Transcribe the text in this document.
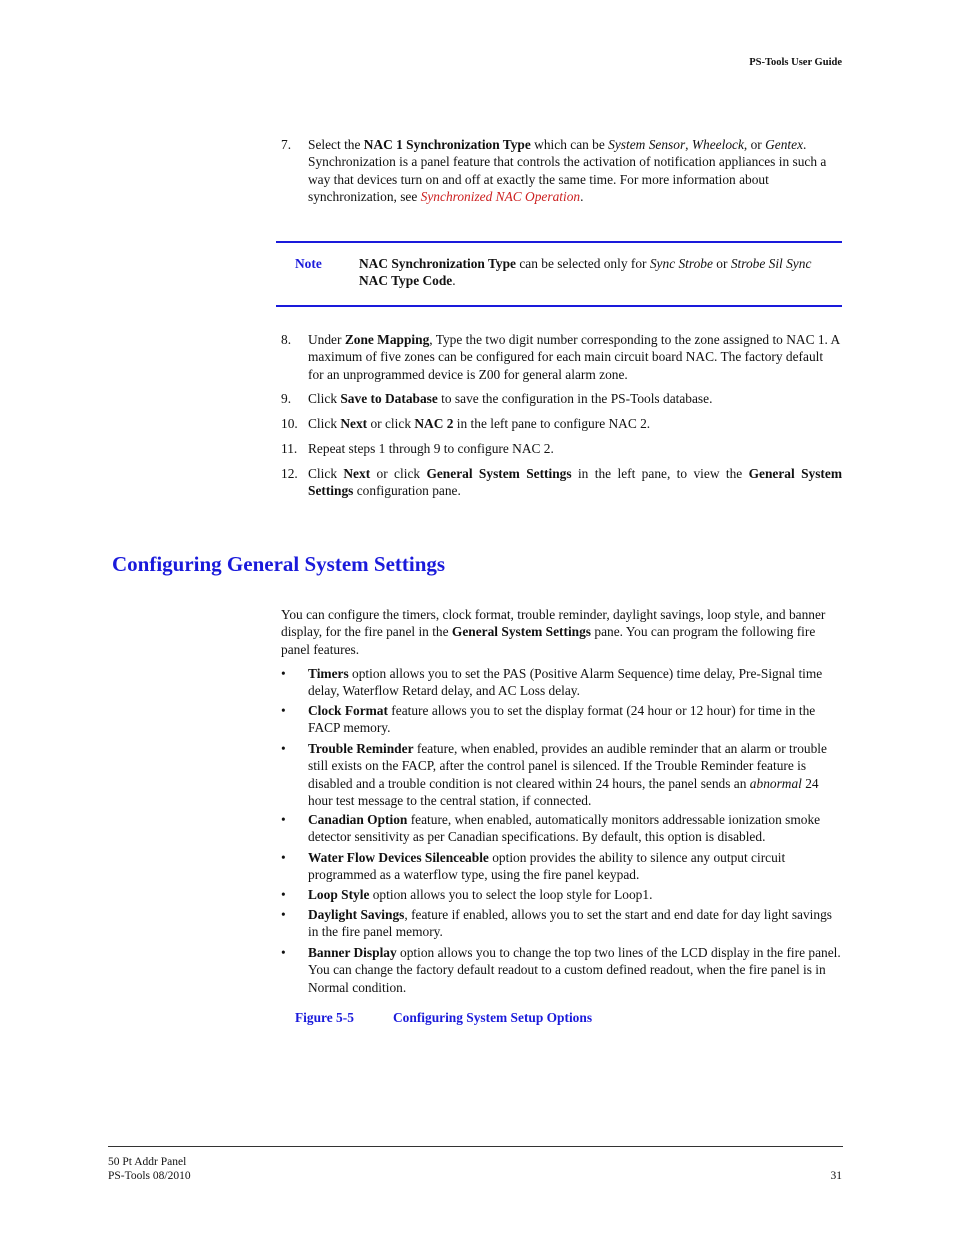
PS-Tools User Guide
7. Select the NAC 1 Synchronization Type which can be System Sensor, Wheelock, or Gentex. Synchronization is a panel feature that controls the activation of notification appliances in such a way that devices turn on and off at exactly the same time. For more information about synchronization, see Synchronized NAC Operation.
Note	NAC Synchronization Type can be selected only for Sync Strobe or Strobe Sil Sync NAC Type Code.
8. Under Zone Mapping, Type the two digit number corresponding to the zone assigned to NAC 1. A maximum of five zones can be configured for each main circuit board NAC. The factory default for an unprogrammed device is Z00 for general alarm zone.
9. Click Save to Database to save the configuration in the PS-Tools database.
10. Click Next or click NAC 2 in the left pane to configure NAC 2.
11. Repeat steps 1 through 9 to configure NAC 2.
12. Click Next or click General System Settings in the left pane, to view the General System Settings configuration pane.
Configuring General System Settings
You can configure the timers, clock format, trouble reminder, daylight savings, loop style, and banner display, for the fire panel in the General System Settings pane. You can program the following fire panel features.
• Timers option allows you to set the PAS (Positive Alarm Sequence) time delay, Pre-Signal time delay, Waterflow Retard delay, and AC Loss delay.
• Clock Format feature allows you to set the display format (24 hour or 12 hour) for time in the FACP memory.
• Trouble Reminder feature, when enabled, provides an audible reminder that an alarm or trouble still exists on the FACP, after the control panel is silenced. If the Trouble Reminder feature is disabled and a trouble condition is not cleared within 24 hours, the panel sends an abnormal 24 hour test message to the central station, if connected.
• Canadian Option feature, when enabled, automatically monitors addressable ionization smoke detector sensitivity as per Canadian specifications. By default, this option is disabled.
• Water Flow Devices Silenceable option provides the ability to silence any output circuit programmed as a waterflow type, using the fire panel keypad.
• Loop Style option allows you to select the loop style for Loop1.
• Daylight Savings, feature if enabled, allows you to set the start and end date for day light savings in the fire panel memory.
• Banner Display option allows you to change the top two lines of the LCD display in the fire panel. You can change the factory default readout to a custom defined readout, when the fire panel is in Normal condition.
Figure 5-5	Configuring System Setup Options
50 Pt Addr Panel
PS-Tools 08/2010	31
